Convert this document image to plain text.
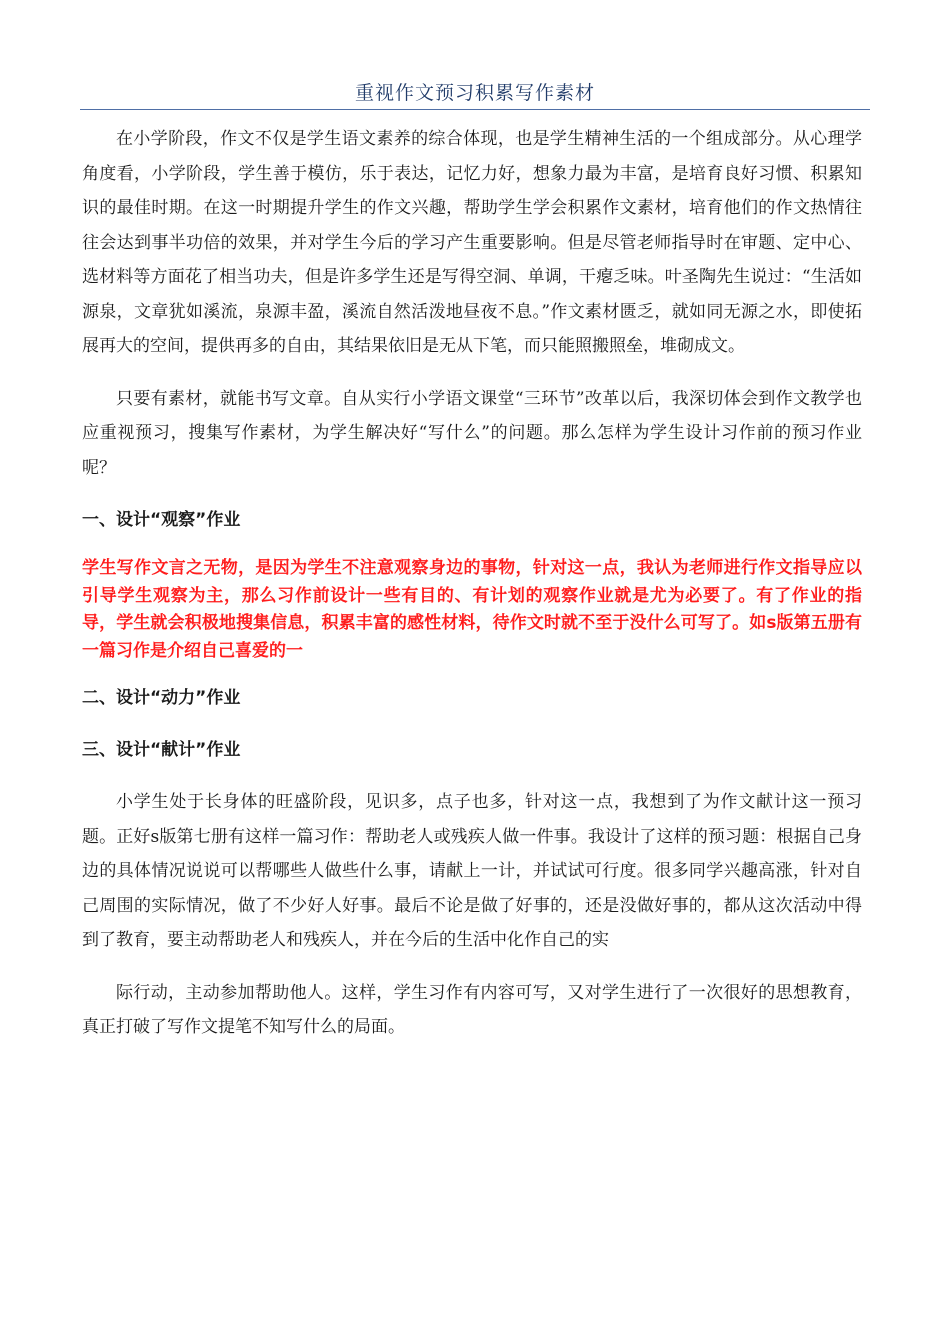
重视作文预习积累写作素材

在小学阶段，作文不仅是学生语文素养的综合体现，也是学生精神生活的一个组成部分。从心理学角度看，小学阶段，学生善于模仿，乐于表达，记忆力好，想象力最为丰富，是培育良好习惯、积累知识的最佳时期。在这一时期提升学生的作文兴趣，帮助学生学会积累作文素材，培育他们的作文热情往往会达到事半功倍的效果，并对学生今后的学习产生重要影响。但是尽管老师指导时在审题、定中心、选材料等方面花了相当功夫，但是许多学生还是写得空洞、单调，干瘪乏味。叶圣陶先生说过：“生活如源泉，文章犹如溪流，泉源丰盈，溪流自然活泼地昼夜不息。”作文素材匮乏，就如同无源之水，即使拓展再大的空间，提供再多的自由，其结果依旧是无从下笔，而只能照搬照垒，堆砌成文。

只要有素材，就能书写文章。自从实行小学语文课堂“三环节”改革以后，我深切体会到作文教学也应重视预习，搜集写作素材，为学生解决好“写什么”的问题。那么怎样为学生设计习作前的预习作业呢？

一、设计“观察”作业

学生写作文言之无物，是因为学生不注意观察身边的事物，针对这一点，我认为老师进行作文指导应以引导学生观察为主，那么习作前设计一些有目的、有计划的观察作业就是尤为必要了。有了作业的指导，学生就会积极地搜集信息，积累丰富的感性材料，待作文时就不至于没什么可写了。如s版第五册有一篇习作是介绍自己喜爱的一

二、设计“动力”作业
三、设计“献计”作业

小学生处于长身体的旺盛阶段，见识多，点子也多，针对这一点，我想到了为作文献计这一预习题。正好s版第七册有这样一篇习作：帮助老人或残疾人做一件事。我设计了这样的预习题：根据自己身边的具体情况说说可以帮哪些人做些什么事，请献上一计，并试试可行度。很多同学兴趣高涨，针对自己周围的实际情况，做了不少好人好事。最后不论是做了好事的，还是没做好事的，都从这次活动中得到了教育，要主动帮助老人和残疾人，并在今后的生活中化作自己的实

际行动，主动参加帮助他人。这样，学生习作有内容可写，又对学生进行了一次很好的思想教育，真正打破了写作文提笔不知写什么的局面。
